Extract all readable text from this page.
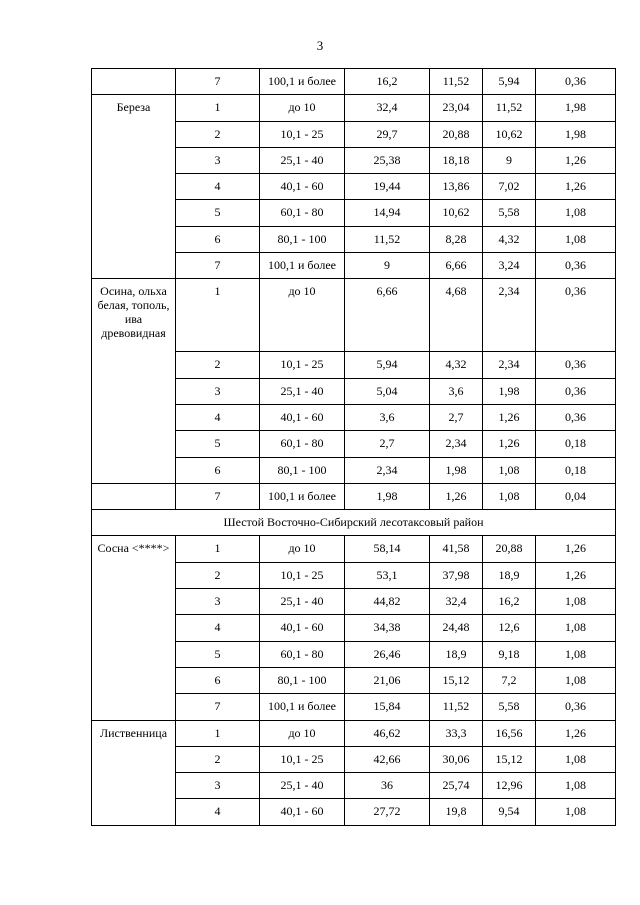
3
	7	100,1 и более	16,2	11,52	5,94	0,36
Береза	1	до 10	32,4	23,04	11,52	1,98
	2	10,1 - 25	29,7	20,88	10,62	1,98
	3	25,1 - 40	25,38	18,18	9	1,26
	4	40,1 - 60	19,44	13,86	7,02	1,26
	5	60,1 - 80	14,94	10,62	5,58	1,08
	6	80,1 - 100	11,52	8,28	4,32	1,08
	7	100,1 и более	9	6,66	3,24	0,36
Осина, ольха белая, тополь, ива древовидная	1	до 10	6,66	4,68	2,34	0,36
	2	10,1 - 25	5,94	4,32	2,34	0,36
	3	25,1 - 40	5,04	3,6	1,98	0,36
	4	40,1 - 60	3,6	2,7	1,26	0,36
	5	60,1 - 80	2,7	2,34	1,26	0,18
	6	80,1 - 100	2,34	1,98	1,08	0,18
	7	100,1 и более	1,98	1,26	1,08	0,04
Шестой Восточно-Сибирский лесотаксовый район						
Сосна <****>	1	до 10	58,14	41,58	20,88	1,26
	2	10,1 - 25	53,1	37,98	18,9	1,26
	3	25,1 - 40	44,82	32,4	16,2	1,08
	4	40,1 - 60	34,38	24,48	12,6	1,08
	5	60,1 - 80	26,46	18,9	9,18	1,08
	6	80,1 - 100	21,06	15,12	7,2	1,08
	7	100,1 и более	15,84	11,52	5,58	0,36
Лиственница	1	до 10	46,62	33,3	16,56	1,26
	2	10,1 - 25	42,66	30,06	15,12	1,08
	3	25,1 - 40	36	25,74	12,96	1,08
	4	40,1 - 60	27,72	19,8	9,54	1,08
